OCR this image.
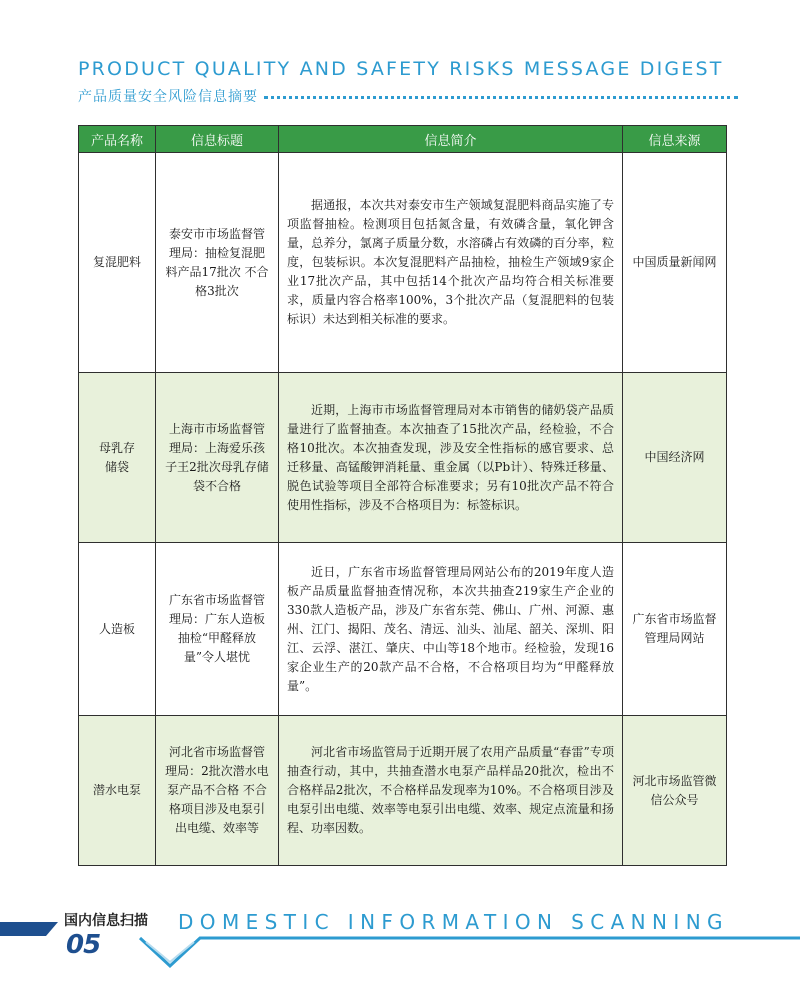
PRODUCT QUALITY AND SAFETY RISKS MESSAGE DIGEST
产品质量安全风险信息摘要
产品名称	信息标题	信息简介	信息来源
复混肥料	泰安市市场监督管理局：抽检复混肥料产品17批次 不合格3批次	据通报，本次共对泰安市生产领域复混肥料商品实施了专项监督抽检。检测项目包括氮含量，有效磷含量，氧化钾含量，总养分，氯离子质量分数，水溶磷占有效磷的百分率，粒度，包装标识。本次复混肥料产品抽检，抽检生产领域9家企业17批次产品，其中包括14个批次产品均符合相关标准要求，质量内容合格率100%，3个批次产品（复混肥料的包装标识）未达到相关标准的要求。	中国质量新闻网
母乳存储袋	上海市市场监督管理局：上海爱乐孩子王2批次母乳存储袋不合格	近期，上海市市场监督管理局对本市销售的储奶袋产品质量进行了监督抽查。本次抽查了15批次产品，经检验，不合格10批次。本次抽查发现，涉及安全性指标的感官要求、总迁移量、高锰酸钾消耗量、重金属（以Pb计）、特殊迁移量、脱色试验等项目全部符合标准要求；另有10批次产品不符合使用性指标，涉及不合格项目为：标签标识。	中国经济网
人造板	广东省市场监督管理局：广东人造板抽检“甲醛释放量”令人堪忧	近日，广东省市场监督管理局网站公布的2019年度人造板产品质量监督抽查情况称，本次共抽查219家生产企业的330款人造板产品，涉及广东省东莞、佛山、广州、河源、惠州、江门、揭阳、茂名、清远、汕头、汕尾、韶关、深圳、阳江、云浮、湛江、肇庆、中山等18个地市。经检验，发现16家企业生产的20款产品不合格，不合格项目均为“甲醛释放量”。	广东省市场监督管理局网站
潜水电泵	河北省市场监督管理局：2批次潜水电泵产品不合格 不合格项目涉及电泵引出电缆、效率等	河北省市场监管局于近期开展了农用产品质量“春雷”专项抽查行动，其中，共抽查潜水电泵产品样品20批次，检出不合格样品2批次，不合格样品发现率为10%。不合格项目涉及电泵引出电缆、效率等电泵引出电缆、效率、规定点流量和扬程、功率因数。	河北市场监管微信公众号
国内信息扫描
05
DOMESTIC INFORMATION SCANNING
